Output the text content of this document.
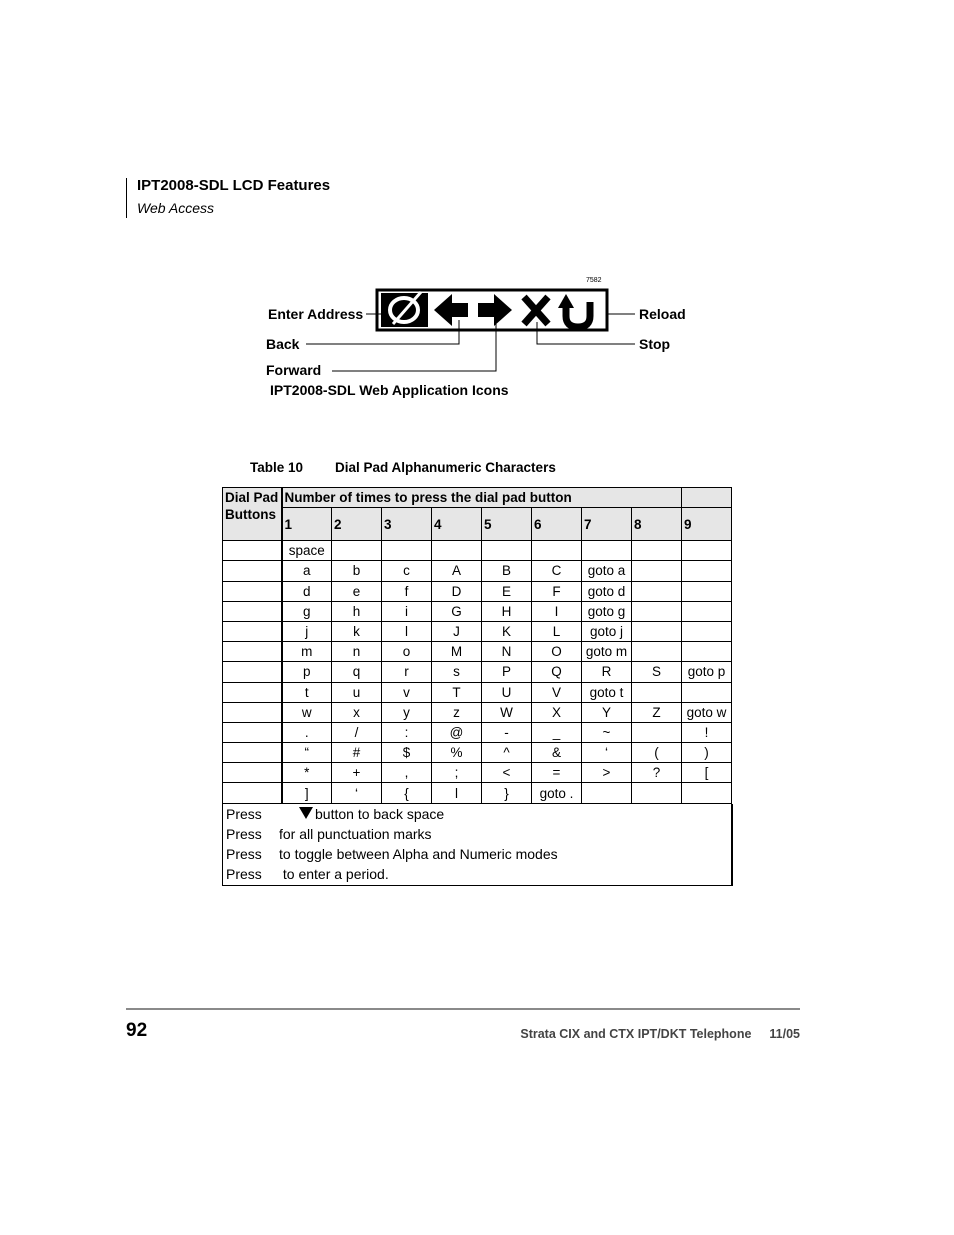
IPT2008-SDL LCD Features
Web Access
7582
Enter Address
Back
Forward
Reload
Stop
IPT2008-SDL Web Application Icons
Table 10 Dial Pad Alphanumeric Characters
Dial Pad Buttons	Number of times to press the dial pad button								
	1	2	3	4	5	6	7	8	9
	space								
	a	b	c	A	B	C	goto a		
	d	e	f	D	E	F	goto d		
	g	h	i	G	H	I	goto g		
	j	k	l	J	K	L	goto j		
	m	n	o	M	N	O	goto m		
	p	q	r	s	P	Q	R	S	goto p
	t	u	v	T	U	V	goto t		
	w	x	y	z	W	X	Y	Z	goto w
	.	/	:	@	-	_	~		!
	“	#	$	%	^	&	‘	(	)
	*	+	,	;	<	=	>	?	[
	]	‘	{	l	}	goto .			
Press	button to back space
Press for all punctuation marks
Press to toggle between Alpha and Numeric modes
Press to enter a period.
92	Strata CIX and CTX IPT/DKT Telephone 11/05
